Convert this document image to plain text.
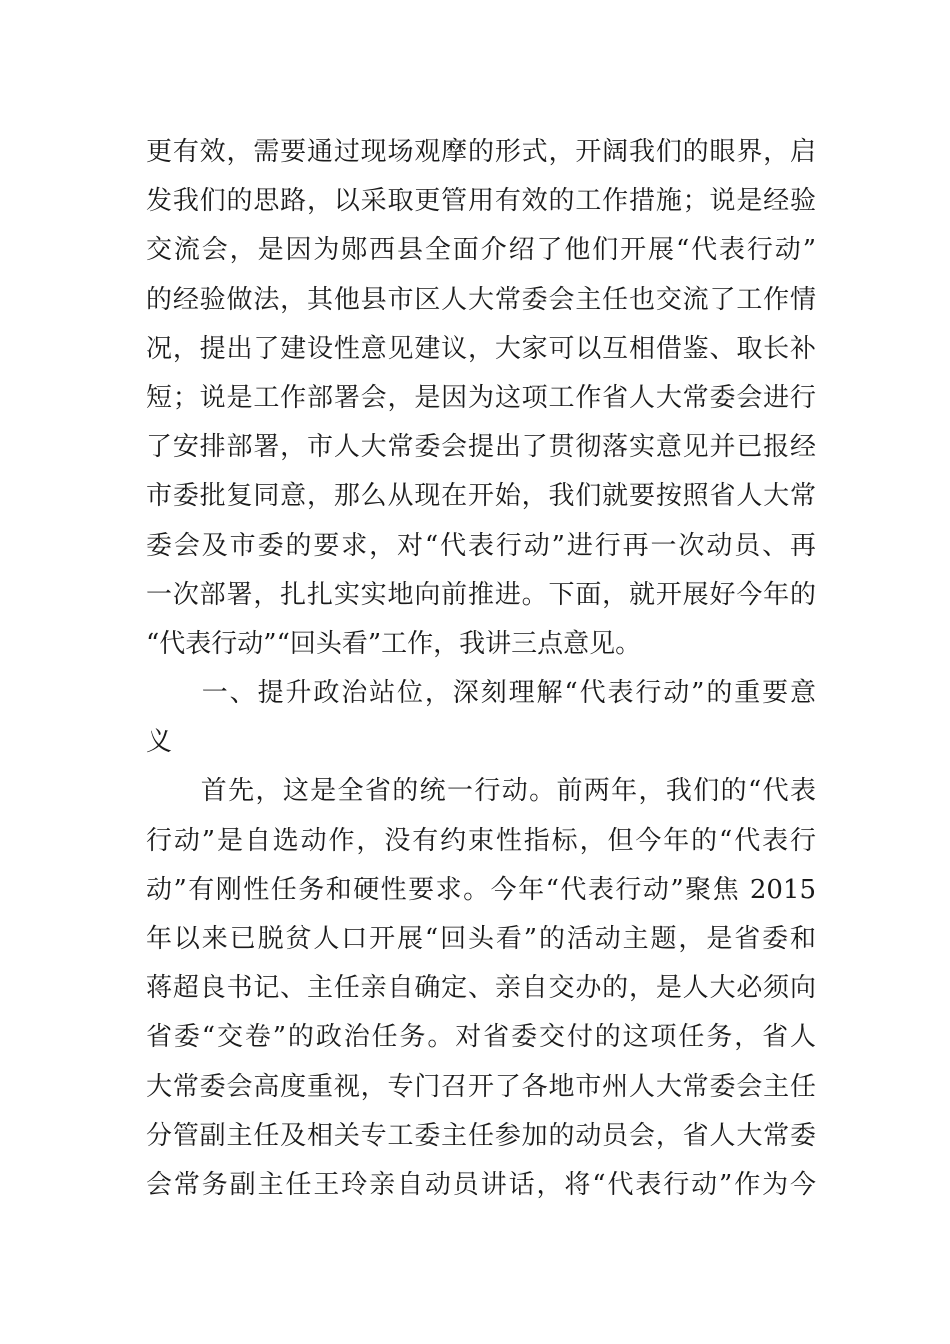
更有效，需要通过现场观摩的形式，开阔我们的眼界，启
发我们的思路，以采取更管用有效的工作措施；说是经验
交流会，是因为郧西县全面介绍了他们开展“代表行动”
的经验做法，其他县市区人大常委会主任也交流了工作情
况，提出了建设性意见建议，大家可以互相借鉴、取长补
短；说是工作部署会，是因为这项工作省人大常委会进行
了安排部署，市人大常委会提出了贯彻落实意见并已报经
市委批复同意，那么从现在开始，我们就要按照省人大常
委会及市委的要求，对“代表行动”进行再一次动员、再
一次部署，扎扎实实地向前推进。下面，就开展好今年的
“代表行动”“回头看”工作，我讲三点意见。
　　一、提升政治站位，深刻理解“代表行动”的重要意
义
　　首先，这是全省的统一行动。前两年，我们的“代表
行动”是自选动作，没有约束性指标，但今年的“代表行
动”有刚性任务和硬性要求。今年“代表行动”聚焦 2015
年以来已脱贫人口开展“回头看”的活动主题，是省委和
蒋超良书记、主任亲自确定、亲自交办的，是人大必须向
省委“交卷”的政治任务。对省委交付的这项任务，省人
大常委会高度重视，专门召开了各地市州人大常委会主任
分管副主任及相关专工委主任参加的动员会，省人大常委
会常务副主任王玲亲自动员讲话，将“代表行动”作为今
